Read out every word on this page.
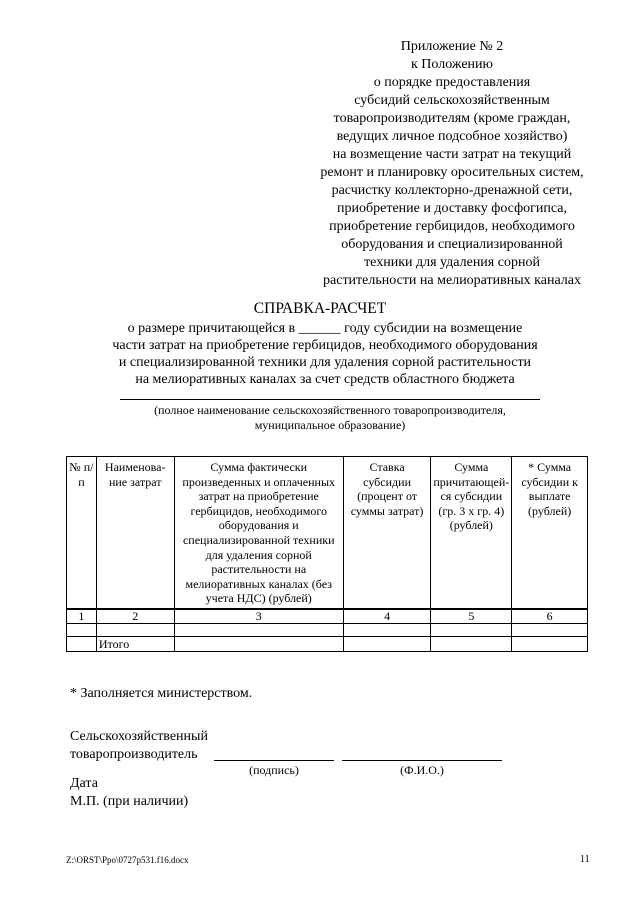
Приложение № 2
к Положению
о порядке предоставления
субсидий сельскохозяйственным
товаропроизводителям (кроме граждан,
ведущих личное подсобное хозяйство)
на возмещение части затрат на текущий
ремонт и планировку оросительных систем,
расчистку коллекторно-дренажной сети,
приобретение и доставку фосфогипса,
приобретение гербицидов, необходимого
оборудования и специализированной
техники для удаления сорной
растительности на мелиоративных каналах
СПРАВКА-РАСЧЕТ
о размере причитающейся в ______ году субсидии на возмещение
части затрат на приобретение гербицидов, необходимого оборудования
и специализированной техники для удаления сорной растительности
на мелиоративных каналах за счет средств областного бюджета
(полное наименование сельскохозяйственного товаропроизводителя,
муниципальное образование)
№ п/п	Наименова-ние затрат	Сумма фактически произведенных и оплаченных затрат на приобретение гербицидов, необходимого оборудования и специализированной техники для удаления сорной растительности на мелиоративных каналах (без учета НДС) (рублей)	Ставка субсидии (процент от суммы затрат)	Сумма причитающей-ся субсидии (гр. 3 х гр. 4) (рублей)	* Сумма субсидии к выплате (рублей)
1	2	3	4	5	6

	Итого				
* Заполняется министерством.
Сельскохозяйственный
товаропроизводитель
(подпись)	(Ф.И.О.)
Дата
М.П. (при наличии)
Z:\ORST\Ppo\0727p531.f16.docx	11
